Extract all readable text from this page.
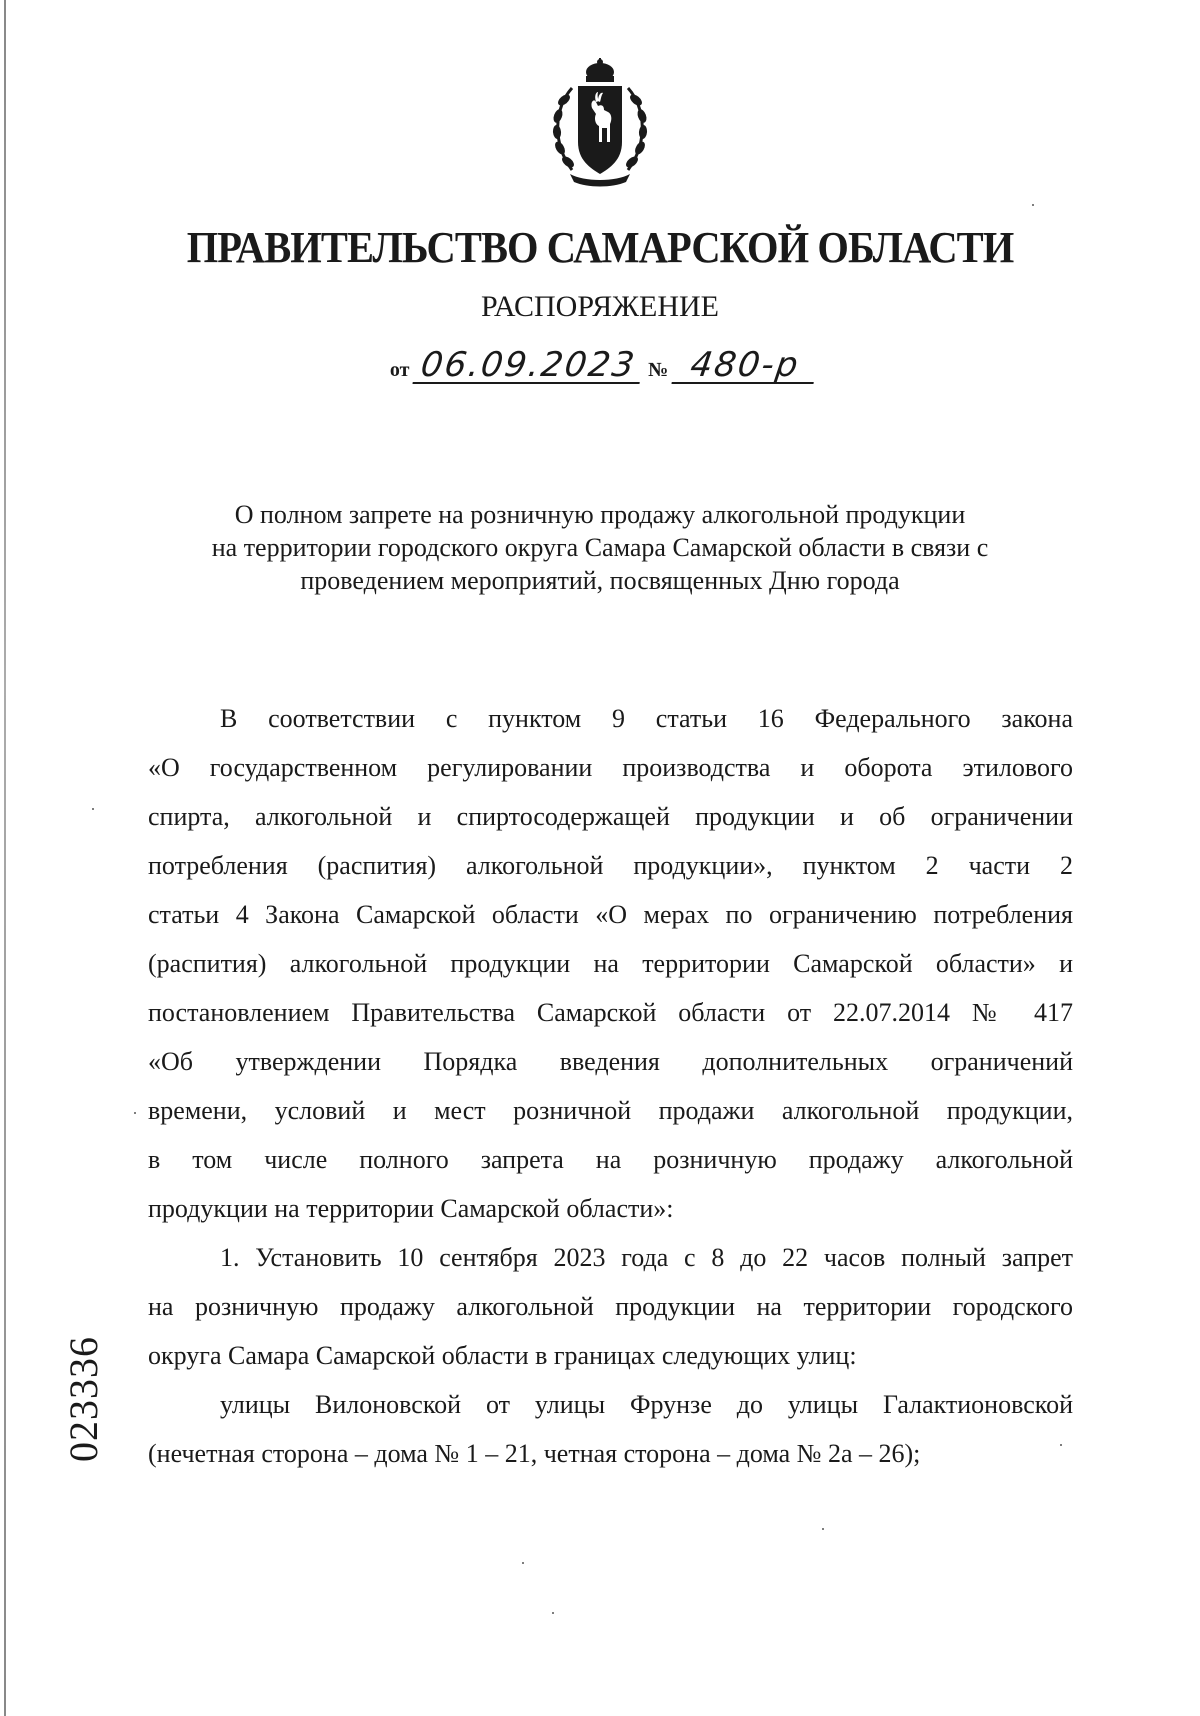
ПРАВИТЕЛЬСТВО САМАРСКОЙ ОБЛАСТИ
РАСПОРЯЖЕНИЕ
от 06.09.2023 № 480-р
О полном запрете на розничную продажу алкогольной продукции
на территории городского округа Самара Самарской области в связи с
проведением мероприятий, посвященных Дню города
В соответствии с пунктом 9 статьи 16 Федерального закона
«О государственном регулировании производства и оборота этилового
спирта, алкогольной и спиртосодержащей продукции и об ограничении
потребления (распития) алкогольной продукции», пунктом 2 части 2
статьи 4 Закона Самарской области «О мерах по ограничению потребления
(распития) алкогольной продукции на территории Самарской области» и
постановлением Правительства Самарской области от 22.07.2014 № 417
«Об утверждении Порядка введения дополнительных ограничений
времени, условий и мест розничной продажи алкогольной продукции,
в том числе полного запрета на розничную продажу алкогольной
продукции на территории Самарской области»:
1. Установить 10 сентября 2023 года с 8 до 22 часов полный запрет
на розничную продажу алкогольной продукции на территории городского
округа Самара Самарской области в границах следующих улиц:
улицы Вилоновской от улицы Фрунзе до улицы Галактионовской
(нечетная сторона – дома № 1 – 21, четная сторона – дома № 2а – 26);
023336
